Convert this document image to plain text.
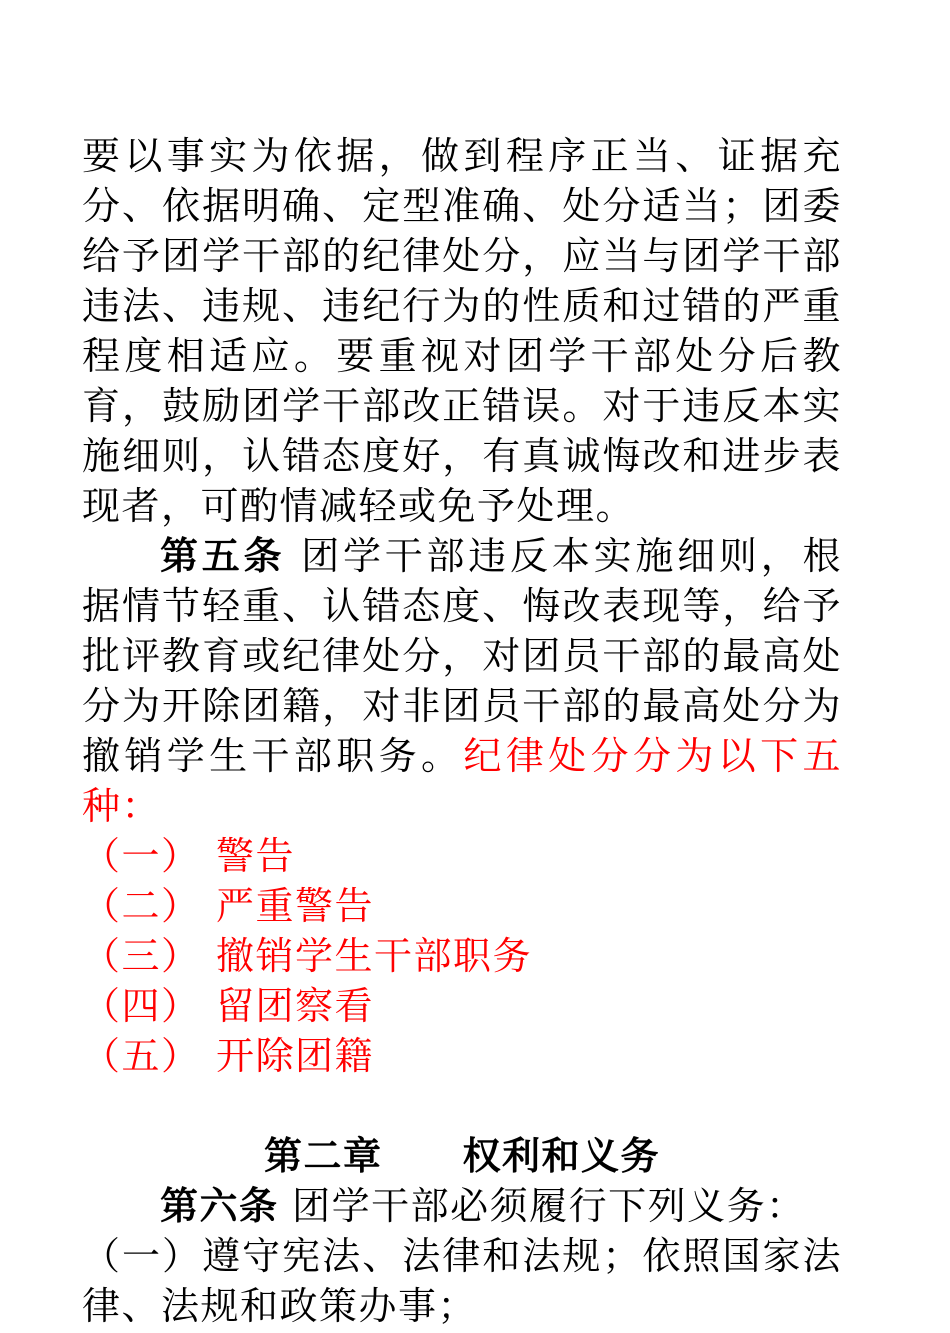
要以事实为依据，做到程序正当、证据充分、依据明确、定型准确、处分适当；团委给予团学干部的纪律处分，应当与团学干部违法、违规、违纪行为的性质和过错的严重程度相适应。要重视对团学干部处分后教育，鼓励团学干部改正错误。对于违反本实施细则，认错态度好，有真诚悔改和进步表现者，可酌情减轻或免予处理。

第五条 团学干部违反本实施细则，根据情节轻重、认错态度、悔改表现等，给予批评教育或纪律处分，对团员干部的最高处分为开除团籍，对非团员干部的最高处分为撤销学生干部职务。纪律处分分为以下五种：

（一） 警告
（二） 严重警告
（三） 撤销学生干部职务
（四） 留团察看
（五） 开除团籍

第二章 权利和义务

第六条 团学干部必须履行下列义务：

（一）遵守宪法、法律和法规；依照国家法律、法规和政策办事；
